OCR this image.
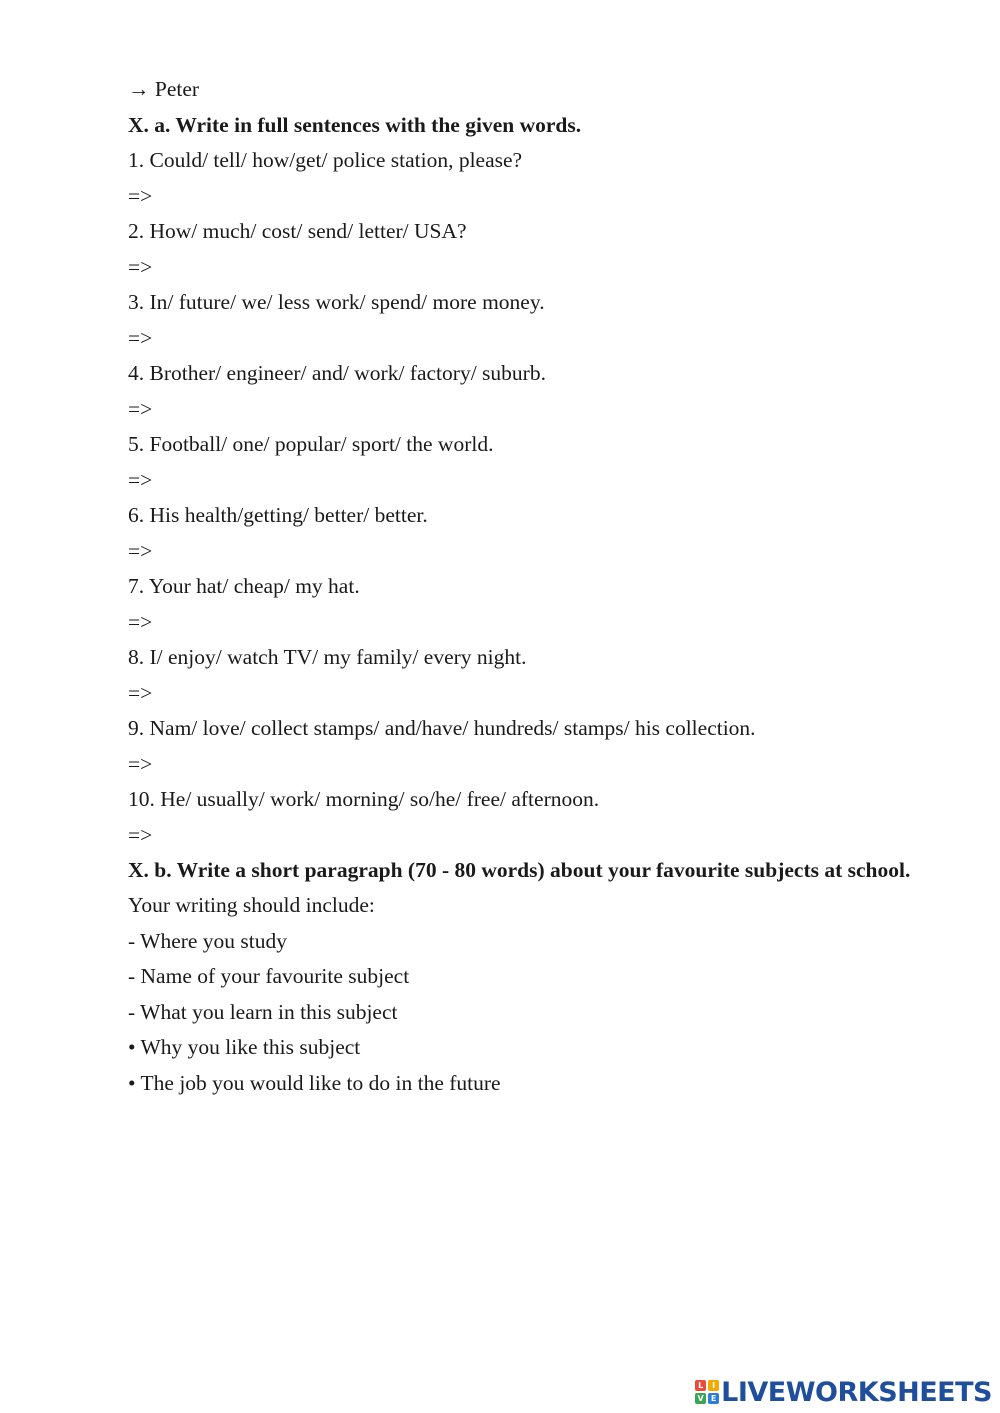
→ Peter
X. a. Write in full sentences with the given words.
1. Could/ tell/ how/get/ police station, please?
=>
2. How/ much/ cost/ send/ letter/ USA?
=>
3. In/ future/ we/ less work/ spend/ more money.
=>
4. Brother/ engineer/ and/ work/ factory/ suburb.
=>
5. Football/ one/ popular/ sport/ the world.
=>
6. His health/getting/ better/ better.
=>
7. Your hat/ cheap/ my hat.
=>
8. I/ enjoy/ watch TV/ my family/ every night.
=>
9. Nam/ love/ collect stamps/ and/have/ hundreds/ stamps/ his collection.
=>
10. He/ usually/ work/ morning/ so/he/ free/ afternoon.
=>
X. b. Write a short paragraph (70 - 80 words) about your favourite subjects at school.
Your writing should include:
- Where you study
- Name of your favourite subject
- What you learn in this subject
• Why you like this subject
• The job you would like to do in the future
L	I
V E LIVEWORKSHEETS
